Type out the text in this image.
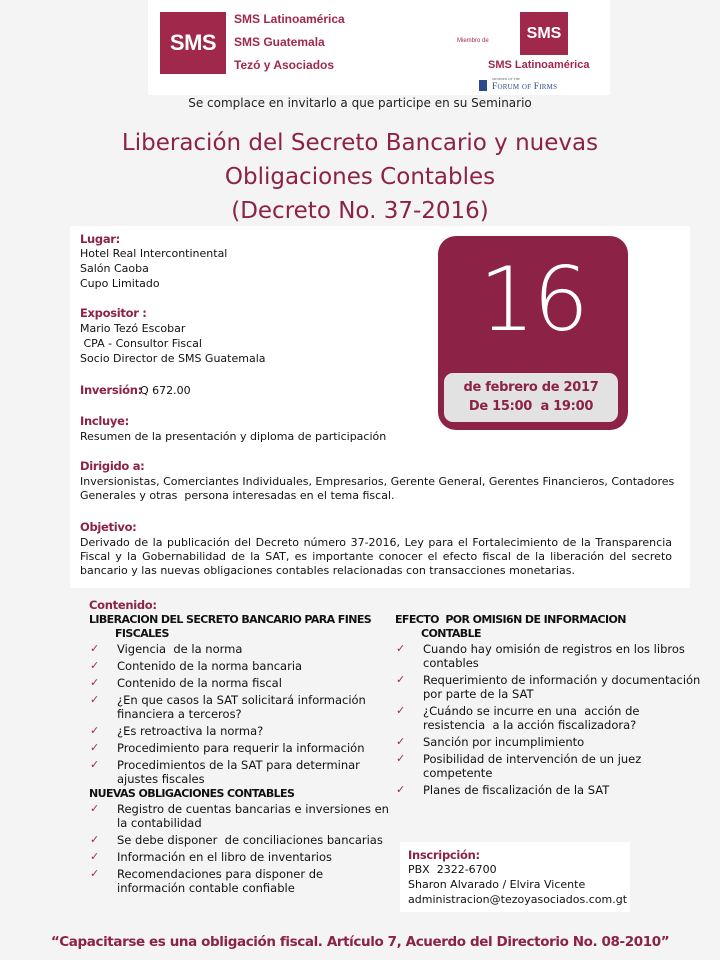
SMS
SMS Latinoamérica
SMS Guatemala
Tezó y Asociados
Miembro de SMS
SMS Latinoamérica
MEMBER OF THE
Forum of Firms
Se complace en invitarlo a que participe en su Seminario
Liberación del Secreto Bancario y nuevas
Obligaciones Contables
(Decreto No. 37-2016)
Lugar:
Hotel Real Intercontinental
Salón Caoba
Cupo Limitado
Expositor :
Mario Tezó Escobar
CPA - Consultor Fiscal
Socio Director de SMS Guatemala
Inversión:
Q 672.00
Incluye:
Resumen de la presentación y diploma de participación
Dirigido a:
Inversionistas, Comerciantes Individuales, Empresarios, Gerente General, Gerentes Financieros, Contadores
Generales y otras  persona interesadas en el tema fiscal.
Objetivo:
Derivado de la publicación del Decreto número 37-2016, Ley para el Fortalecimiento de la Transparencia
Fiscal y la Gobernabilidad de la SAT, es importante conocer el efecto fiscal de la liberación del secreto
bancario y las nuevas obligaciones contables relacionadas con transacciones monetarias.
16
de febrero de 2017
De 15:00  a 19:00
Contenido:
LIBERACION DEL SECRETO BANCARIO PARA FINES
FISCALES
✓ Vigencia  de la norma
✓ Contenido de la norma bancaria
✓ Contenido de la norma fiscal
✓ ¿En que casos la SAT solicitará información
financiera a terceros?
✓ ¿Es retroactiva la norma?
✓ Procedimiento para requerir la información
✓ Procedimientos de la SAT para determinar
ajustes fiscales
NUEVAS OBLIGACIONES CONTABLES
✓ Registro de cuentas bancarias e inversiones en
la contabilidad
✓ Se debe disponer  de conciliaciones bancarias
✓ Información en el libro de inventarios
✓ Recomendaciones para disponer de
información contable confiable
EFECTO  POR OMISI6N DE INFORMACION
CONTABLE
✓ Cuando hay omisión de registros en los libros
contables
✓ Requerimiento de información y documentación
por parte de la SAT
✓ ¿Cuándo se incurre en una  acción de
resistencia  a la acción fiscalizadora?
✓ Sanción por incumplimiento
✓ Posibilidad de intervención de un juez
competente
✓ Planes de fiscalización de la SAT
Inscripción:
PBX  2322-6700
Sharon Alvarado / Elvira Vicente
administracion@tezoyasociados.com.gt
“Capacitarse es una obligación fiscal. Artículo 7, Acuerdo del Directorio No. 08-2010”
